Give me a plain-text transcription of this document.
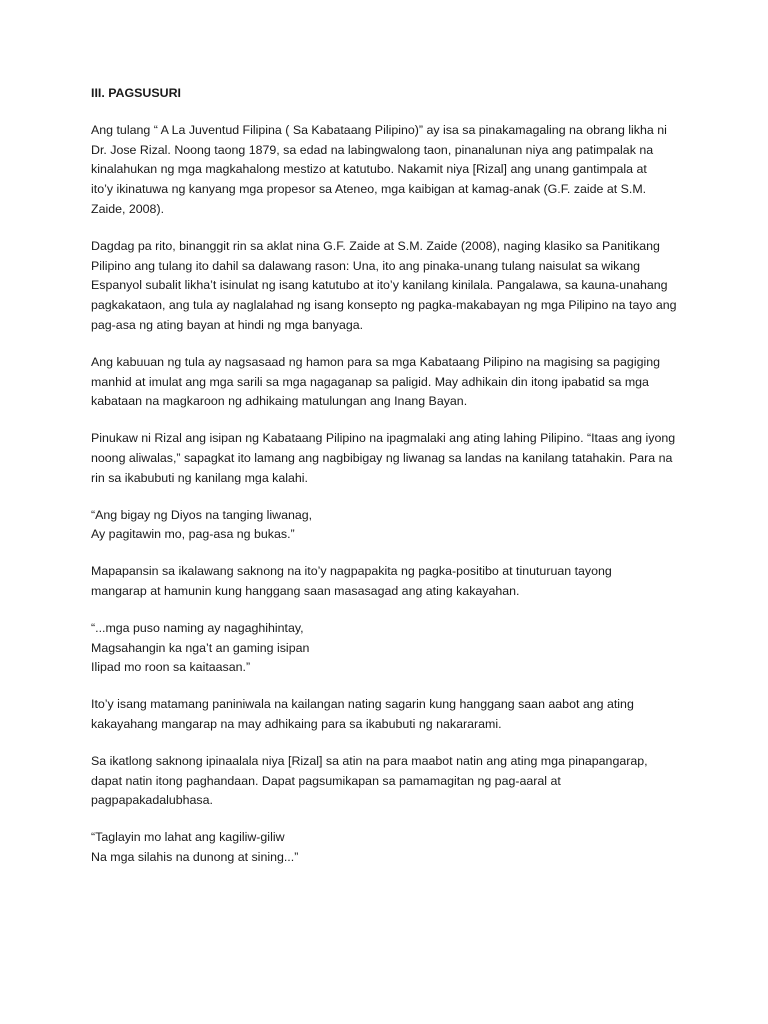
III. PAGSUSURI
Ang tulang “ A La Juventud Filipina ( Sa Kabataang Pilipino)” ay isa sa pinakamagaling na obrang likha ni
Dr. Jose Rizal. Noong taong 1879, sa edad na labingwalong taon, pinanalunan niya ang patimpalak na
kinalahukan ng mga magkahalong mestizo at katutubo. Nakamit niya [Rizal] ang unang gantimpala at
ito’y ikinatuwa ng kanyang mga propesor sa Ateneo, mga kaibigan at kamag-anak (G.F. zaide at S.M.
Zaide, 2008).
Dagdag pa rito, binanggit rin sa aklat nina G.F. Zaide at S.M. Zaide (2008), naging klasiko sa Panitikang
Pilipino ang tulang ito dahil sa dalawang rason: Una, ito ang pinaka-unang tulang naisulat sa wikang
Espanyol subalit likha’t isinulat ng isang katutubo at ito’y kanilang kinilala. Pangalawa, sa kauna-unahang
pagkakataon, ang tula ay naglalahad ng isang konsepto ng pagka-makabayan ng mga Pilipino na tayo ang
pag-asa ng ating bayan at hindi ng mga banyaga.
Ang kabuuan ng tula ay nagsasaad ng hamon para sa mga Kabataang Pilipino na magising sa pagiging
manhid at imulat ang mga sarili sa mga nagaganap sa paligid. May adhikain din itong ipabatid sa mga
kabataan na magkaroon ng adhikaing matulungan ang Inang Bayan.
Pinukaw ni Rizal ang isipan ng Kabataang Pilipino na ipagmalaki ang ating lahing Pilipino. “Itaas ang iyong
noong aliwalas,” sapagkat ito lamang ang nagbibigay ng liwanag sa landas na kanilang tatahakin. Para na
rin sa ikabubuti ng kanilang mga kalahi.
“Ang bigay ng Diyos na tanging liwanag,
Ay pagitawin mo, pag-asa ng bukas.”
Mapapansin sa ikalawang saknong na ito’y nagpapakita ng pagka-positibo at tinuturuan tayong
mangarap at hamunin kung hanggang saan masasagad ang ating kakayahan.
“...mga puso naming ay nagaghihintay,
Magsahangin ka nga’t an gaming isipan
Ilipad mo roon sa kaitaasan.”
Ito’y isang matamang paniniwala na kailangan nating sagarin kung hanggang saan aabot ang ating
kakayahang mangarap na may adhikaing para sa ikabubuti ng nakararami.
Sa ikatlong saknong ipinaalala niya [Rizal] sa atin na para maabot natin ang ating mga pinapangarap,
dapat natin itong paghandaan. Dapat pagsumikapan sa pamamagitan ng pag-aaral at
pagpapakadalubhasa.
“Taglayin mo lahat ang kagiliw-giliw
Na mga silahis na dunong at sining...”
